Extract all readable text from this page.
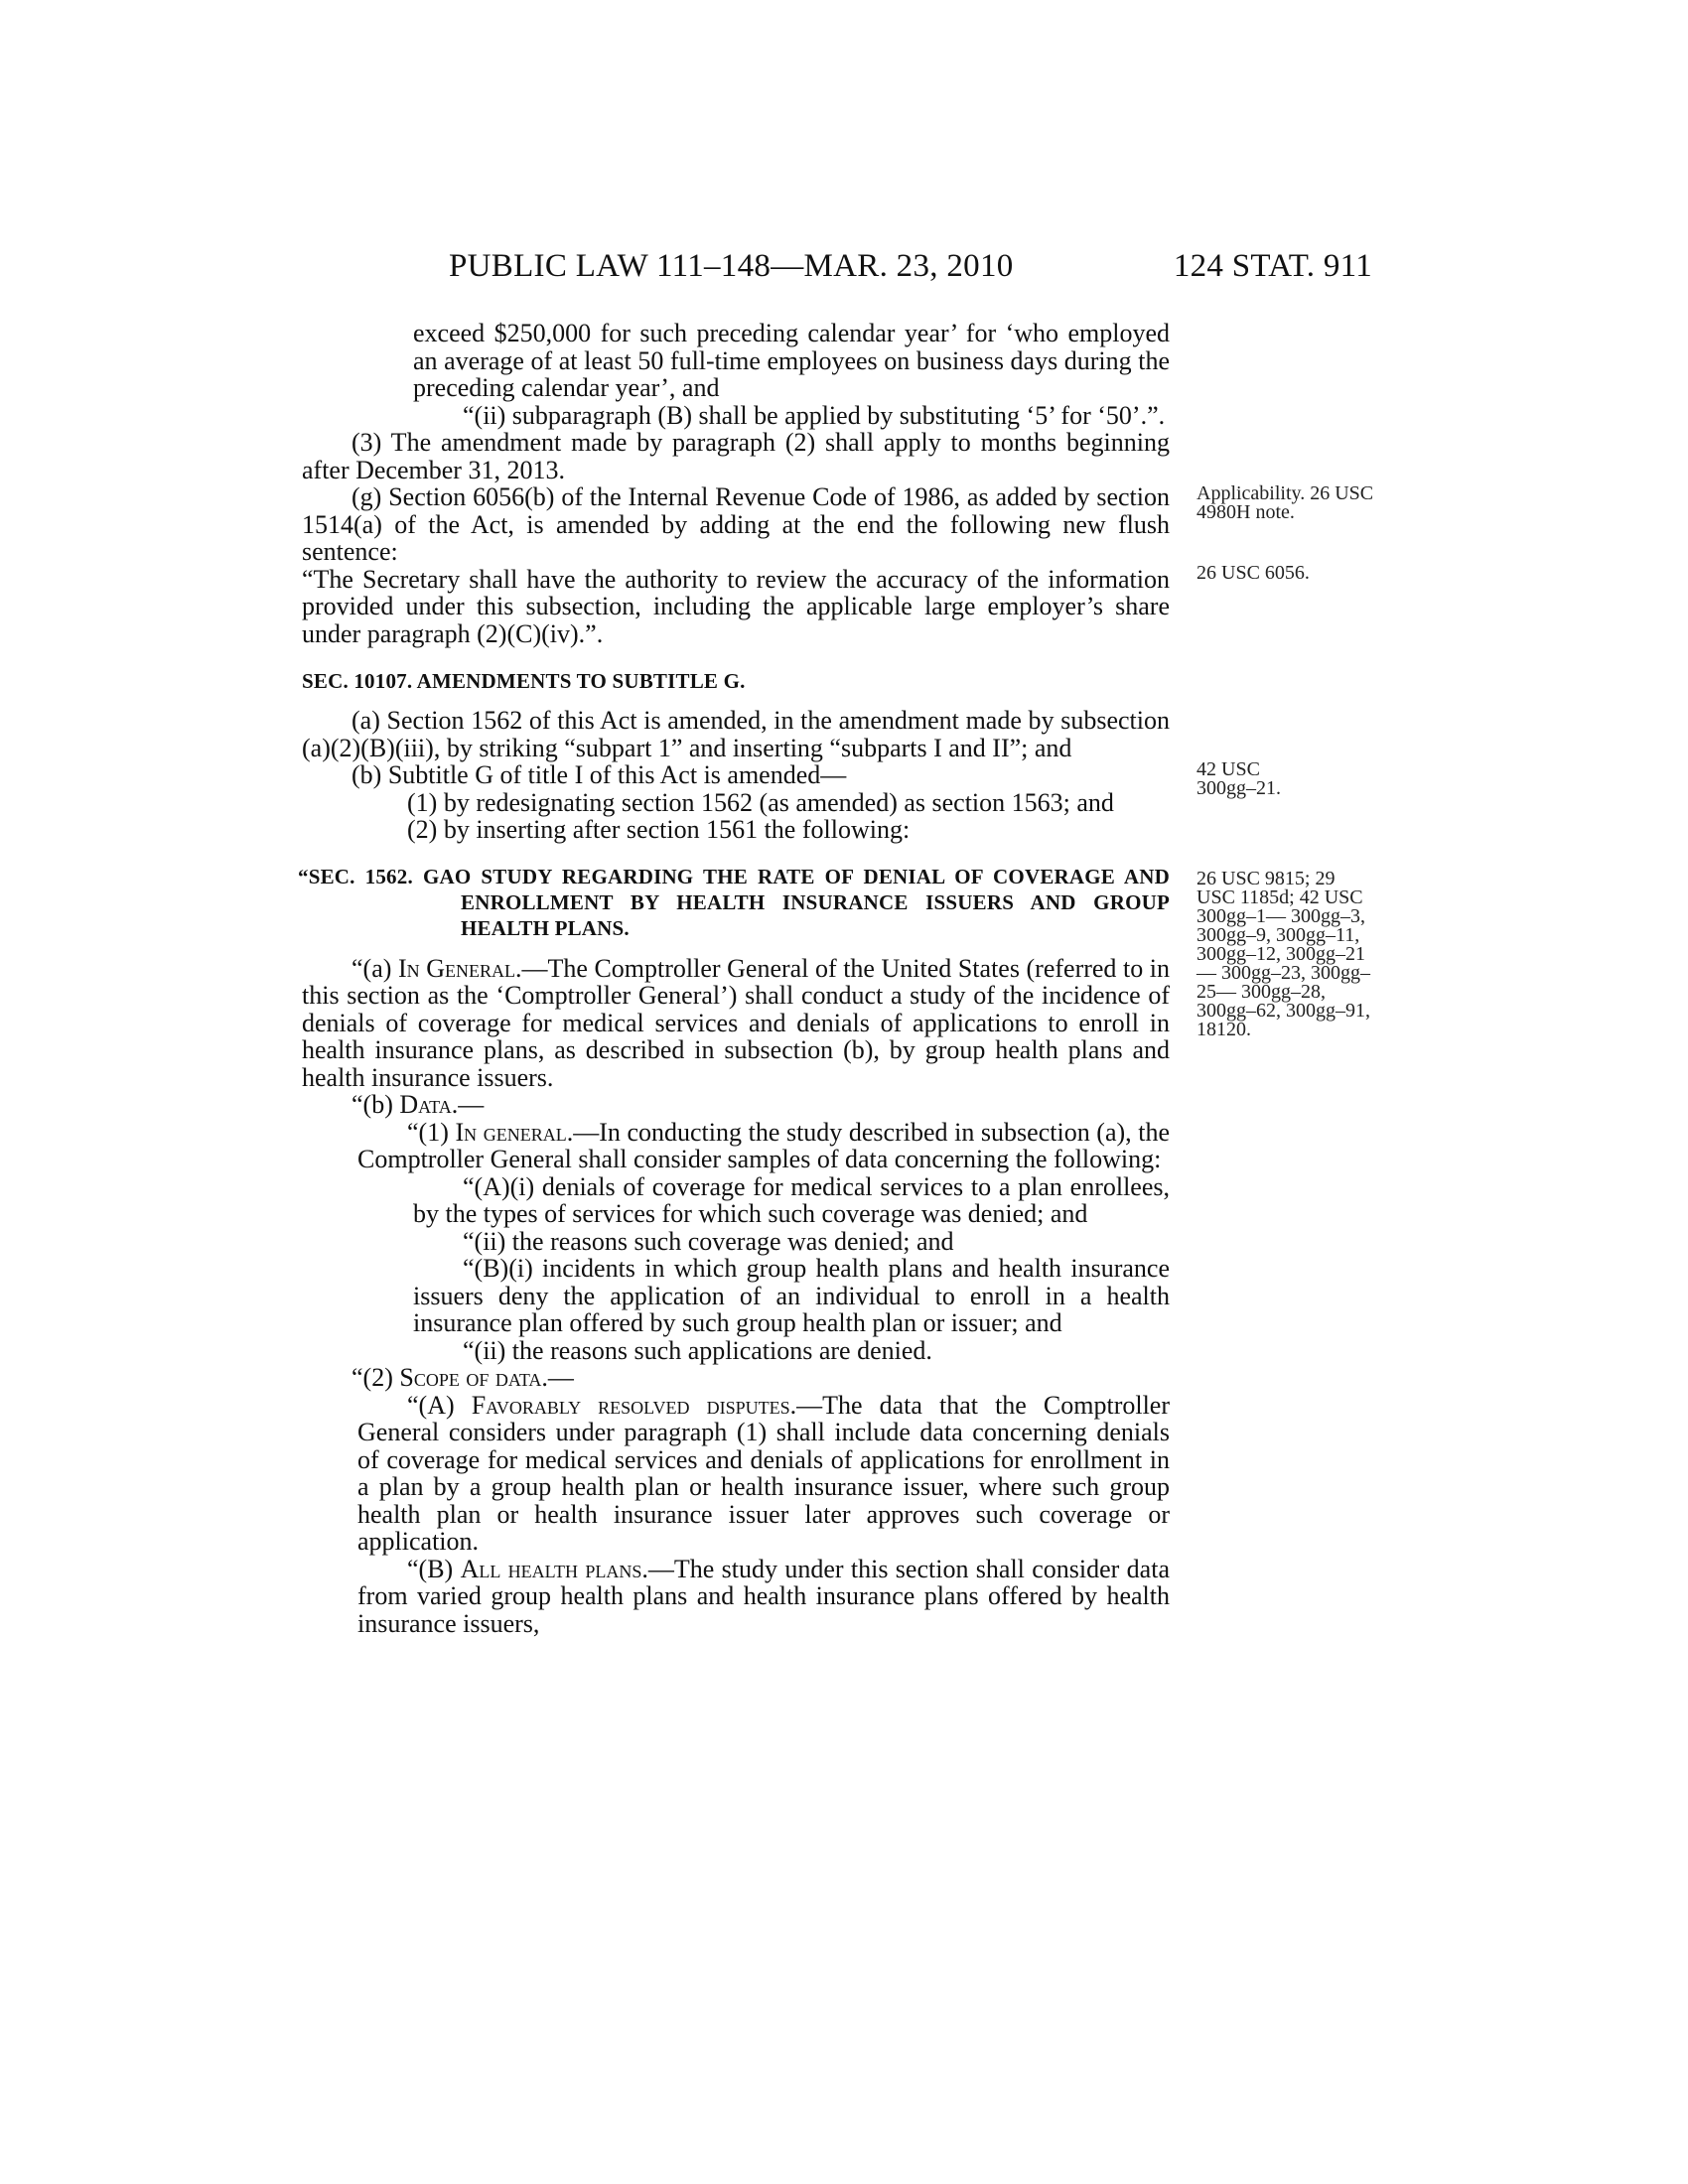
PUBLIC LAW 111–148—MAR. 23, 2010	124 STAT. 911

exceed $250,000 for such preceding calendar year’ for ‘who employed an average of at least 50 full-time employees on business days during the preceding calendar year’, and

“(ii) subparagraph (B) shall be applied by substituting ‘5’ for ‘50’.”.

(3) The amendment made by paragraph (2) shall apply to months beginning after December 31, 2013.

(g) Section 6056(b) of the Internal Revenue Code of 1986, as added by section 1514(a) of the Act, is amended by adding at the end the following new flush sentence:

“The Secretary shall have the authority to review the accuracy of the information provided under this subsection, including the applicable large employer’s share under paragraph (2)(C)(iv).”.

SEC. 10107. AMENDMENTS TO SUBTITLE G.

(a) Section 1562 of this Act is amended, in the amendment made by subsection (a)(2)(B)(iii), by striking “subpart 1” and inserting “subparts I and II”; and

(b) Subtitle G of title I of this Act is amended—

(1) by redesignating section 1562 (as amended) as section 1563; and

(2) by inserting after section 1561 the following:

“SEC. 1562. GAO STUDY REGARDING THE RATE OF DENIAL OF COVERAGE AND ENROLLMENT BY HEALTH INSURANCE ISSUERS AND GROUP HEALTH PLANS.

“(a) In General.—The Comptroller General of the United States (referred to in this section as the ‘Comptroller General’) shall conduct a study of the incidence of denials of coverage for medical services and denials of applications to enroll in health insurance plans, as described in subsection (b), by group health plans and health insurance issuers.

“(b) Data.—

“(1) In general.—In conducting the study described in subsection (a), the Comptroller General shall consider samples of data concerning the following:

“(A)(i) denials of coverage for medical services to a plan enrollees, by the types of services for which such coverage was denied; and

“(ii) the reasons such coverage was denied; and

“(B)(i) incidents in which group health plans and health insurance issuers deny the application of an individual to enroll in a health insurance plan offered by such group health plan or issuer; and

“(ii) the reasons such applications are denied.

“(2) Scope of data.—

“(A) Favorably resolved disputes.—The data that the Comptroller General considers under paragraph (1) shall include data concerning denials of coverage for medical services and denials of applications for enrollment in a plan by a group health plan or health insurance issuer, where such group health plan or health insurance issuer later approves such coverage or application.

“(B) All health plans.—The study under this section shall consider data from varied group health plans and health insurance plans offered by health insurance issuers,

Applicability. 26 USC 4980H note.
26 USC 6056.
42 USC 300gg–21.
26 USC 9815; 29 USC 1185d; 42 USC 300gg–1— 300gg–3, 300gg–9, 300gg–11, 300gg–12, 300gg–21— 300gg–23, 300gg–25— 300gg–28, 300gg–62, 300gg–91, 18120.
